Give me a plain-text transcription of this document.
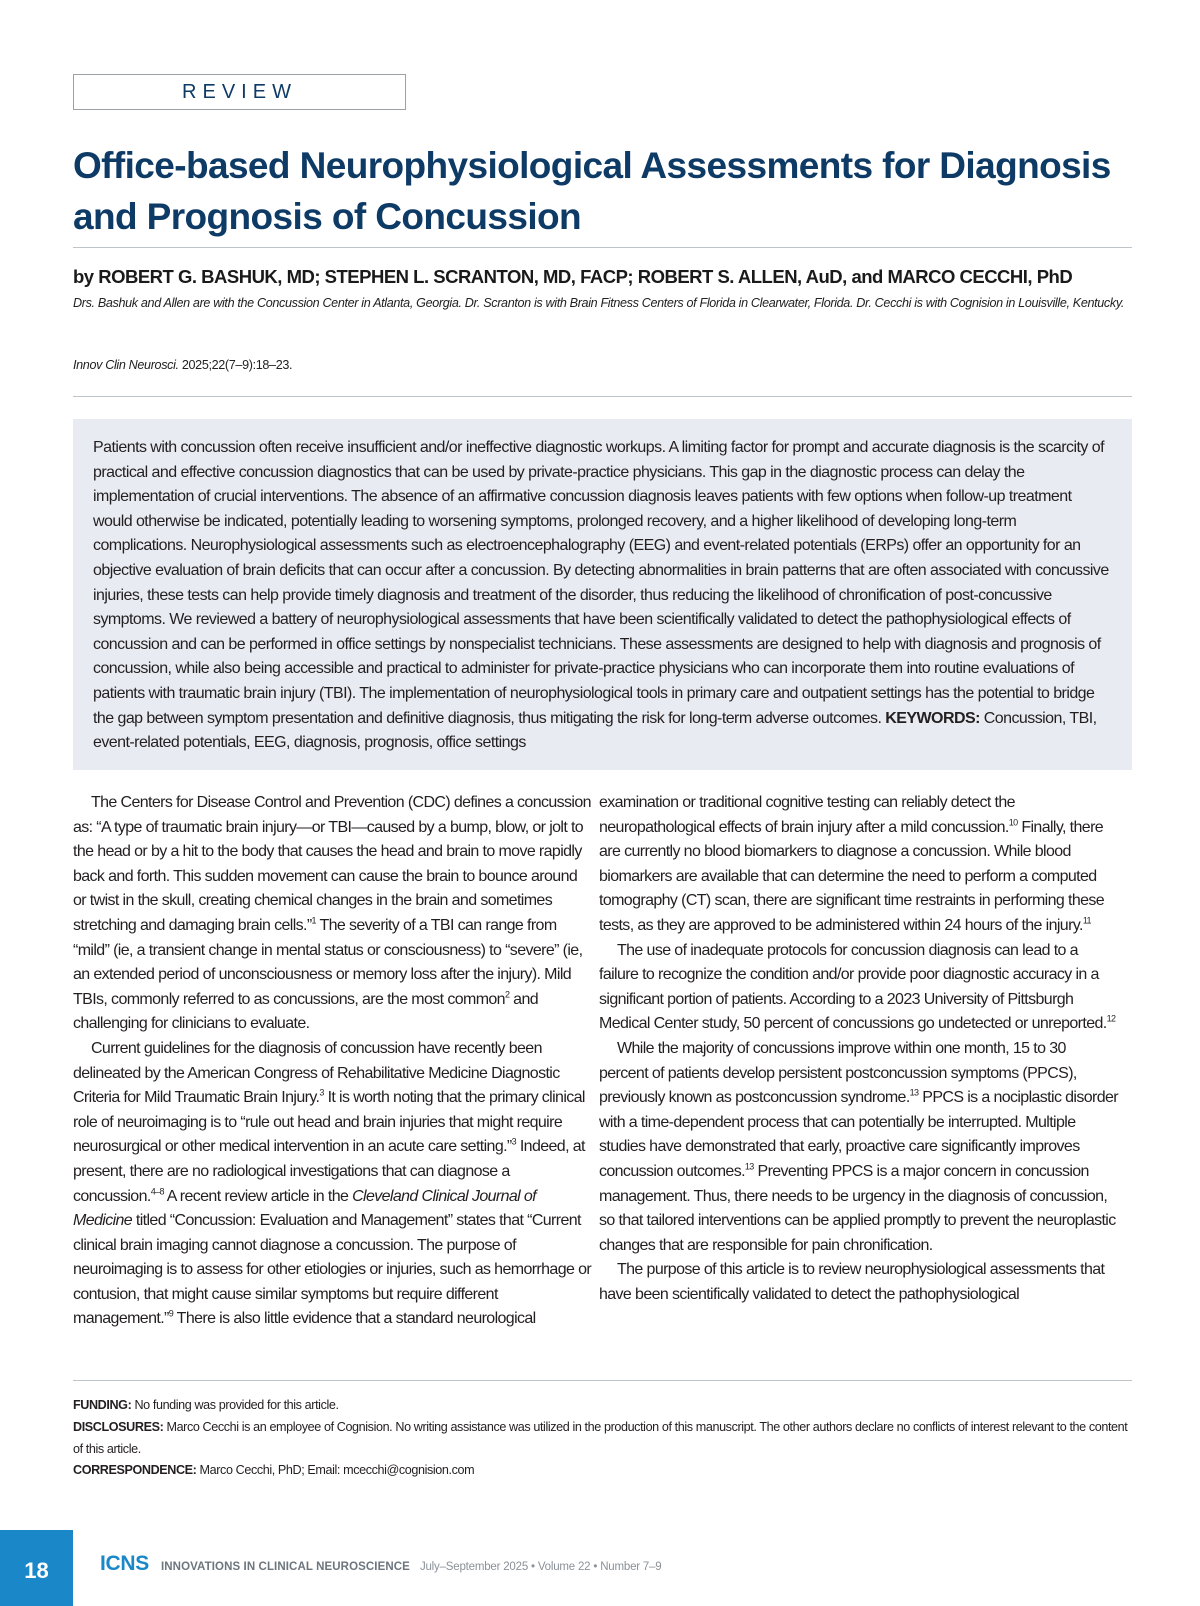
REVIEW
Office-based Neurophysiological Assessments for Diagnosis and Prognosis of Concussion
by ROBERT G. BASHUK, MD; STEPHEN L. SCRANTON, MD, FACP; ROBERT S. ALLEN, AuD, and MARCO CECCHI, PhD
Drs. Bashuk and Allen are with the Concussion Center in Atlanta, Georgia. Dr. Scranton is with Brain Fitness Centers of Florida in Clearwater, Florida. Dr. Cecchi is with Cognision in Louisville, Kentucky.
Innov Clin Neurosci. 2025;22(7–9):18–23.

Patients with concussion often receive insufficient and/or ineffective diagnostic workups. A limiting factor for prompt and accurate diagnosis is the scarcity of practical and effective concussion diagnostics that can be used by private-practice physicians. This gap in the diagnostic process can delay the implementation of crucial interventions. The absence of an affirmative concussion diagnosis leaves patients with few options when follow-up treatment would otherwise be indicated, potentially leading to worsening symptoms, prolonged recovery, and a higher likelihood of developing long-term complications. Neurophysiological assessments such as electroencephalography (EEG) and event-related potentials (ERPs) offer an opportunity for an objective evaluation of brain deficits that can occur after a concussion. By detecting abnormalities in brain patterns that are often associated with concussive injuries, these tests can help provide timely diagnosis and treatment of the disorder, thus reducing the likelihood of chronification of post-concussive symptoms. We reviewed a battery of neurophysiological assessments that have been scientifically validated to detect the pathophysiological effects of concussion and can be performed in office settings by nonspecialist technicians. These assessments are designed to help with diagnosis and prognosis of concussion, while also being accessible and practical to administer for private-practice physicians who can incorporate them into routine evaluations of patients with traumatic brain injury (TBI). The implementation of neurophysiological tools in primary care and outpatient settings has the potential to bridge the gap between symptom presentation and definitive diagnosis, thus mitigating the risk for long-term adverse outcomes. KEYWORDS: Concussion, TBI, event-related potentials, EEG, diagnosis, prognosis, office settings

The Centers for Disease Control and Prevention (CDC) defines a concussion as: “A type of traumatic brain injury—or TBI—caused by a bump, blow, or jolt to the head or by a hit to the body that causes the head and brain to move rapidly back and forth. This sudden movement can cause the brain to bounce around or twist in the skull, creating chemical changes in the brain and sometimes stretching and damaging brain cells.”$^1$ The severity of a TBI can range from “mild” (ie, a transient change in mental status or consciousness) to “severe” (ie, an extended period of unconsciousness or memory loss after the injury). Mild TBIs, commonly referred to as concussions, are the most common$^2$ and challenging for clinicians to evaluate.

Current guidelines for the diagnosis of concussion have recently been delineated by the American Congress of Rehabilitative Medicine Diagnostic Criteria for Mild Traumatic Brain Injury.$^3$ It is worth noting that the primary clinical role of neuroimaging is to “rule out head and brain injuries that might require neurosurgical or other medical intervention in an acute care setting.”$^3$ Indeed, at present, there are no radiological investigations that can diagnose a concussion.$^{4-8}$ A recent review article in the Cleveland Clinical Journal of Medicine titled “Concussion: Evaluation and Management” states that “Current clinical brain imaging cannot diagnose a concussion. The purpose of neuroimaging is to assess for other etiologies or injuries, such as hemorrhage or contusion, that might cause similar symptoms but require different management.”$^9$ There is also little evidence that a standard neurological

examination or traditional cognitive testing can reliably detect the neuropathological effects of brain injury after a mild concussion.$^{10}$ Finally, there are currently no blood biomarkers to diagnose a concussion. While blood biomarkers are available that can determine the need to perform a computed tomography (CT) scan, there are significant time restraints in performing these tests, as they are approved to be administered within 24 hours of the injury.$^{11}$

The use of inadequate protocols for concussion diagnosis can lead to a failure to recognize the condition and/or provide poor diagnostic accuracy in a significant portion of patients. According to a 2023 University of Pittsburgh Medical Center study, 50 percent of concussions go undetected or unreported.$^{12}$

While the majority of concussions improve within one month, 15 to 30 percent of patients develop persistent postconcussion symptoms (PPCS), previously known as postconcussion syndrome.$^{13}$ PPCS is a nociplastic disorder with a time-dependent process that can potentially be interrupted. Multiple studies have demonstrated that early, proactive care significantly improves concussion outcomes.$^{13}$ Preventing PPCS is a major concern in concussion management. Thus, there needs to be urgency in the diagnosis of concussion, so that tailored interventions can be applied promptly to prevent the neuroplastic changes that are responsible for pain chronification.

The purpose of this article is to review neurophysiological assessments that have been scientifically validated to detect the pathophysiological

FUNDING: No funding was provided for this article.

DISCLOSURES: Marco Cecchi is an employee of Cognision. No writing assistance was utilized in the production of this manuscript. The other authors declare no conflicts of interest relevant to the content of this article.

CORRESPONDENCE: Marco Cecchi, PhD; Email: mcecchi@cognision.com

18	ICNS INNOVATIONS IN CLINICAL NEUROSCIENCE July–September 2025 • Volume 22 • Number 7–9
